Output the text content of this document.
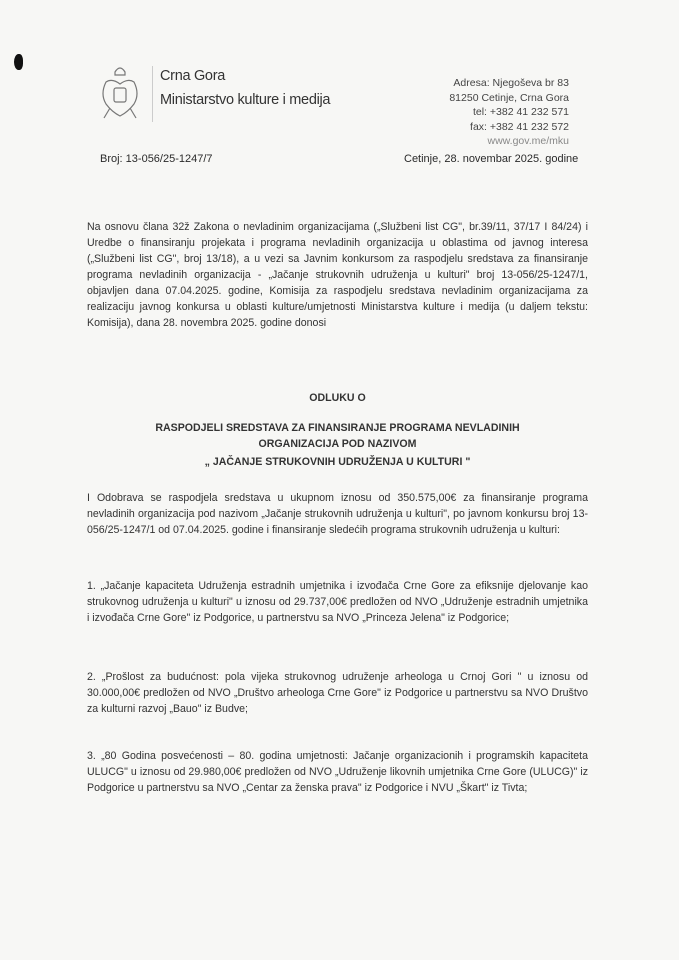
Crna Gora
Ministarstvo kulture i medija
Adresa: Njegoševa br 83
81250 Cetinje, Crna Gora
tel: +382 41 232 571
fax: +382 41 232 572
www.gov.me/mku
Broj: 13-056/25-1247/7	Cetinje, 28. novembar 2025. godine
Na osnovu člana 32ž Zakona o nevladinim organizacijama („Službeni list CG", br.39/11, 37/17 I 84/24) i Uredbe o finansiranju projekata i programa nevladinih organizacija u oblastima od javnog interesa („Službeni list CG", broj 13/18), a u vezi sa Javnim konkursom za raspodjelu sredstava za finansiranje programa nevladinih organizacija - „Jačanje strukovnih udruženja u kulturi" broj 13-056/25-1247/1, objavljen dana 07.04.2025. godine, Komisija za raspodjelu sredstava nevladinim organizacijama za realizaciju javnog konkursa u oblasti kulture/umjetnosti Ministarstva kulture i medija (u daljem tekstu: Komisija), dana 28. novembra 2025. godine donosi
ODLUKU O
RASPODJELI SREDSTAVA ZA FINANSIRANJE PROGRAMA NEVLADINIH
ORGANIZACIJA POD NAZIVOM
„ JAČANJE STRUKOVNIH UDRUŽENJA U KULTURI "
I Odobrava se raspodjela sredstava u ukupnom iznosu od 350.575,00€ za finansiranje programa nevladinih organizacija pod nazivom „Jačanje strukovnih udruženja u kulturi", po javnom konkursu broj 13-056/25-1247/1 od 07.04.2025. godine i finansiranje sledećih programa strukovnih udruženja u kulturi:
1. „Jačanje kapaciteta Udruženja estradnih umjetnika i izvođača Crne Gore za efiksnije djelovanje kao strukovnog udruženja u kulturi" u iznosu od 29.737,00€ predložen od NVO „Udruženje estradnih umjetnika i izvođača Crne Gore" iz Podgorice, u partnerstvu sa NVO „Princeza Jelena" iz Podgorice;
2. „Prošlost za budućnost: pola vijeka strukovnog udruženje arheologa u Crnoj Gori " u iznosu od 30.000,00€ predložen od NVO „Društvo arheologa Crne Gore" iz Podgorice u partnerstvu sa NVO Društvo za kulturni razvoj „Bauo" iz Budve;
3. „80 Godina posvećenosti – 80. godina umjetnosti: Jačanje organizacionih i programskih kapaciteta ULUCG" u iznosu od 29.980,00€ predložen od NVO „Udruženje likovnih umjetnika Crne Gore (ULUCG)" iz Podgorice u partnerstvu sa NVO „Centar za ženska prava" iz Podgorice i NVU „Škart" iz Tivta;
